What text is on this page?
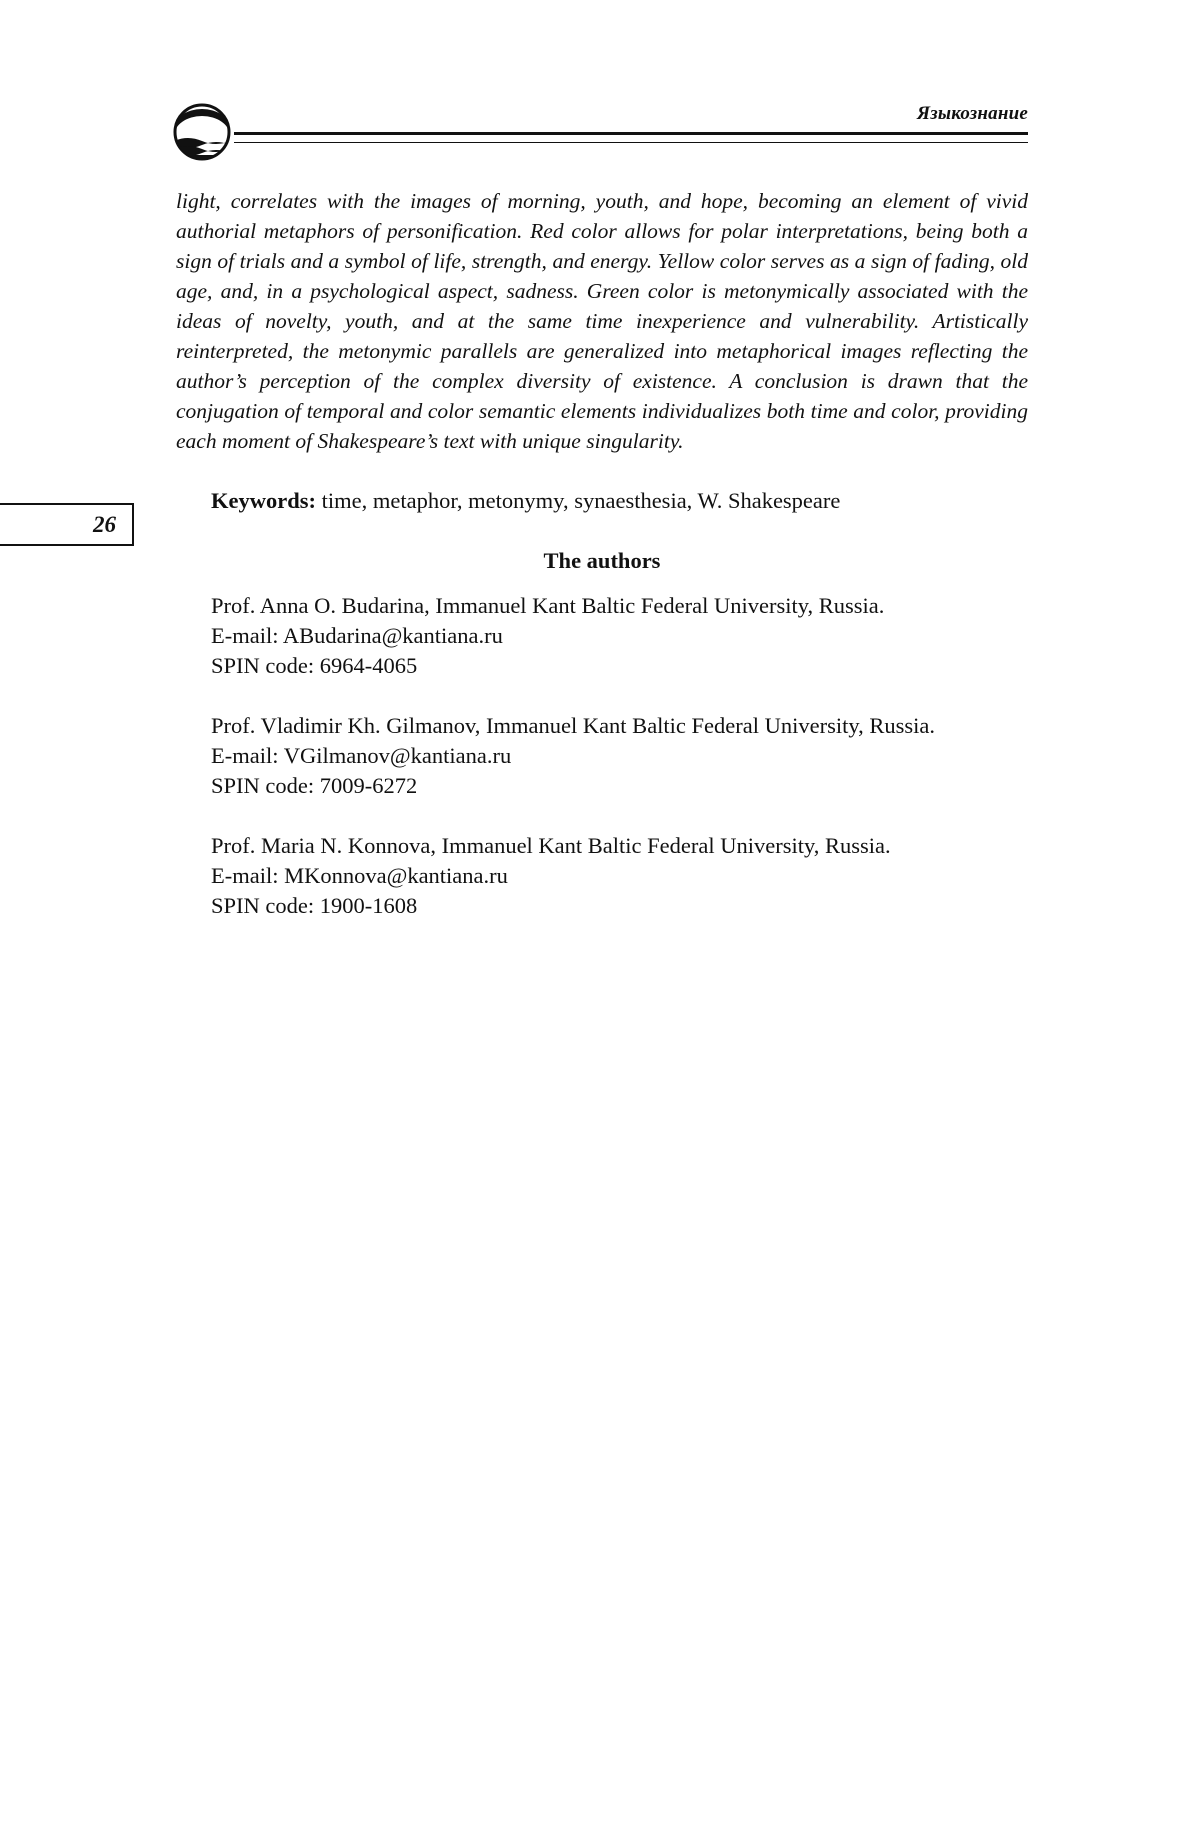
Языкознание

light, correlates with the images of morning, youth, and hope, becoming an element of vivid authorial metaphors of personification. Red color allows for polar interpretations, being both a sign of trials and a symbol of life, strength, and energy. Yellow color serves as a sign of fading, old age, and, in a psychological aspect, sadness. Green color is metonymically associated with the ideas of novelty, youth, and at the same time inexperience and vulnerability. Artistically reinterpreted, the metonymic parallels are generalized into metaphorical images reflecting the author’s perception of the complex diversity of existence. A conclusion is drawn that the conjugation of temporal and color semantic elements individualizes both time and color, providing each moment of Shakespeare’s text with unique singularity.

26
Keywords: time, metaphor, metonymy, synaesthesia, W. Shakespeare
The authors
Prof. Anna O. Budarina, Immanuel Kant Baltic Federal University, Russia.
E-mail: ABudarina@kantiana.ru
SPIN code: 6964-4065
Prof. Vladimir Kh. Gilmanov, Immanuel Kant Baltic Federal University, Russia.
E-mail: VGilmanov@kantiana.ru
SPIN code: 7009-6272
Prof. Maria N. Konnova, Immanuel Kant Baltic Federal University, Russia.
E-mail: MKonnova@kantiana.ru
SPIN code: 1900-1608
